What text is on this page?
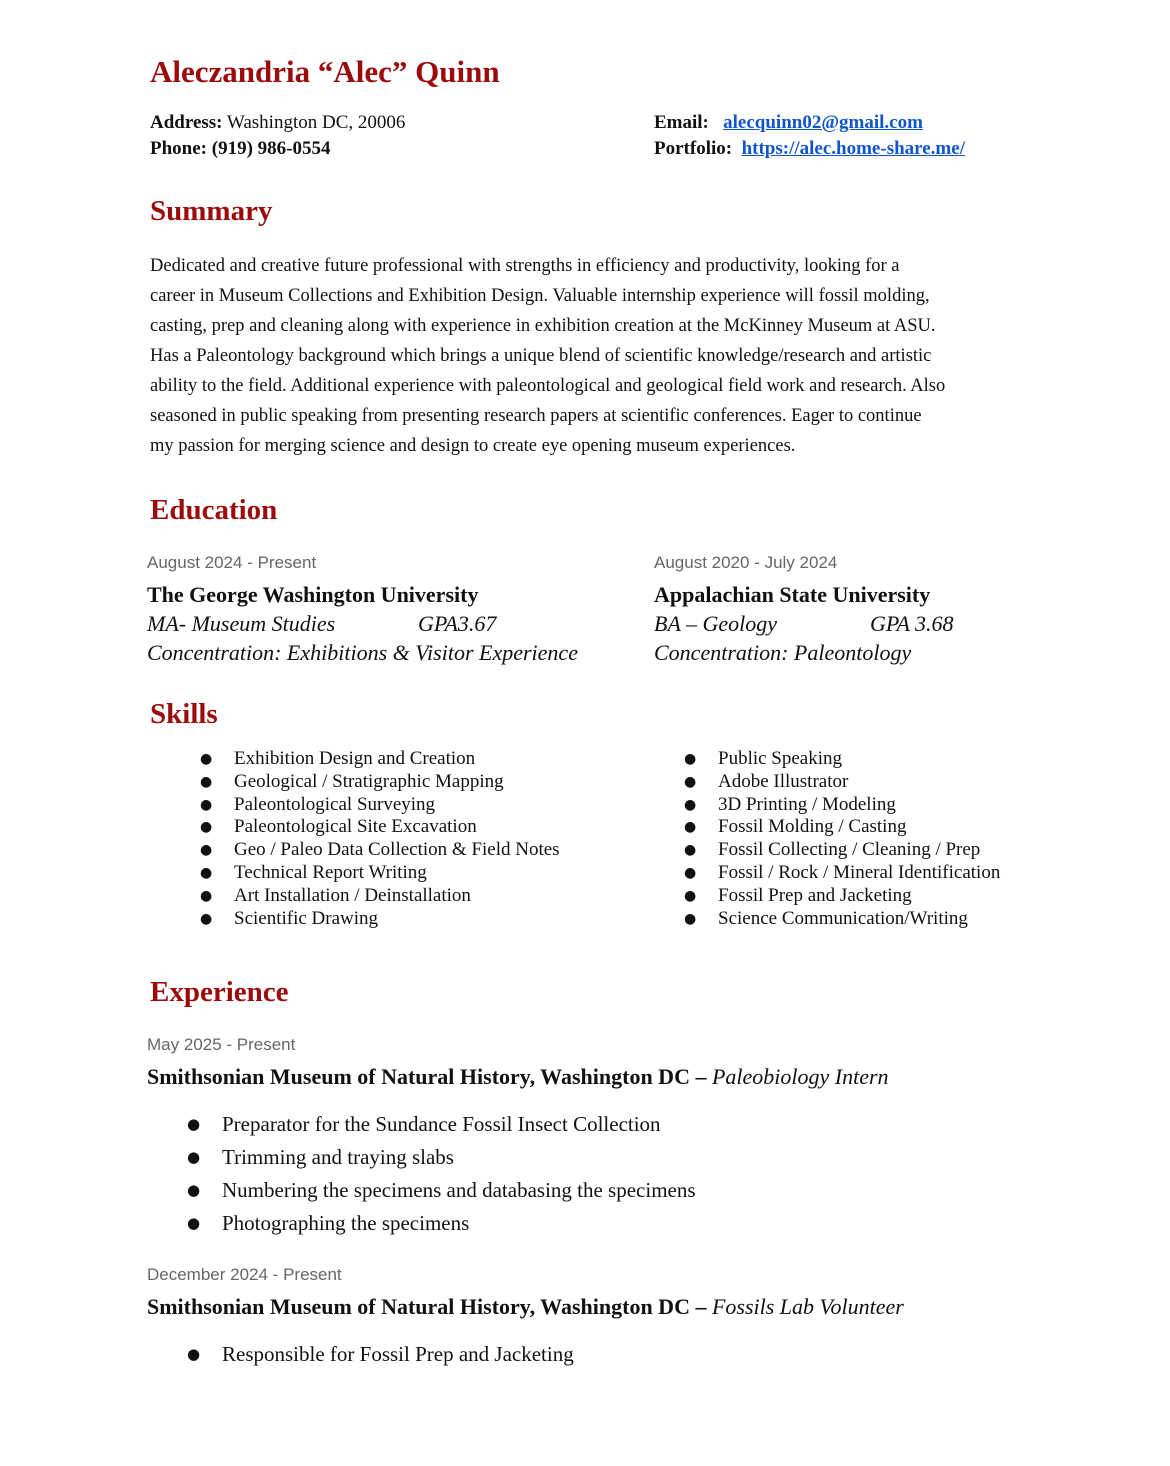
Aleczandria “Alec” Quinn
Address: Washington DC, 20006
Phone: (919) 986-0554
Email: alecquinn02@gmail.com
Portfolio: https://alec.home-share.me/
Summary
Dedicated and creative future professional with strengths in efficiency and productivity, looking for a
career in Museum Collections and Exhibition Design. Valuable internship experience will fossil molding,
casting, prep and cleaning along with experience in exhibition creation at the McKinney Museum at ASU.
Has a Paleontology background which brings a unique blend of scientific knowledge/research and artistic
ability to the field. Additional experience with paleontological and geological field work and research. Also
seasoned in public speaking from presenting research papers at scientific conferences. Eager to continue
my passion for merging science and design to create eye opening museum experiences.
Education
August 2024 - Present
The George Washington University
MA- Museum Studies	GPA3.67
Concentration: Exhibitions & Visitor Experience
August 2020 - July 2024
Appalachian State University
BA – Geology	GPA 3.68
Concentration: Paleontology
Skills
● Exhibition Design and Creation
● Geological / Stratigraphic Mapping
● Paleontological Surveying
● Paleontological Site Excavation
● Geo / Paleo Data Collection & Field Notes
● Technical Report Writing
● Art Installation / Deinstallation
● Scientific Drawing
● Public Speaking
● Adobe Illustrator
● 3D Printing / Modeling
● Fossil Molding / Casting
● Fossil Collecting / Cleaning / Prep
● Fossil / Rock / Mineral Identification
● Fossil Prep and Jacketing
● Science Communication/Writing
Experience
May 2025 - Present
Smithsonian Museum of Natural History, Washington DC – Paleobiology Intern
● Preparator for the Sundance Fossil Insect Collection
● Trimming and traying slabs
● Numbering the specimens and databasing the specimens
● Photographing the specimens
December 2024 - Present
Smithsonian Museum of Natural History, Washington DC – Fossils Lab Volunteer
● Responsible for Fossil Prep and Jacketing
